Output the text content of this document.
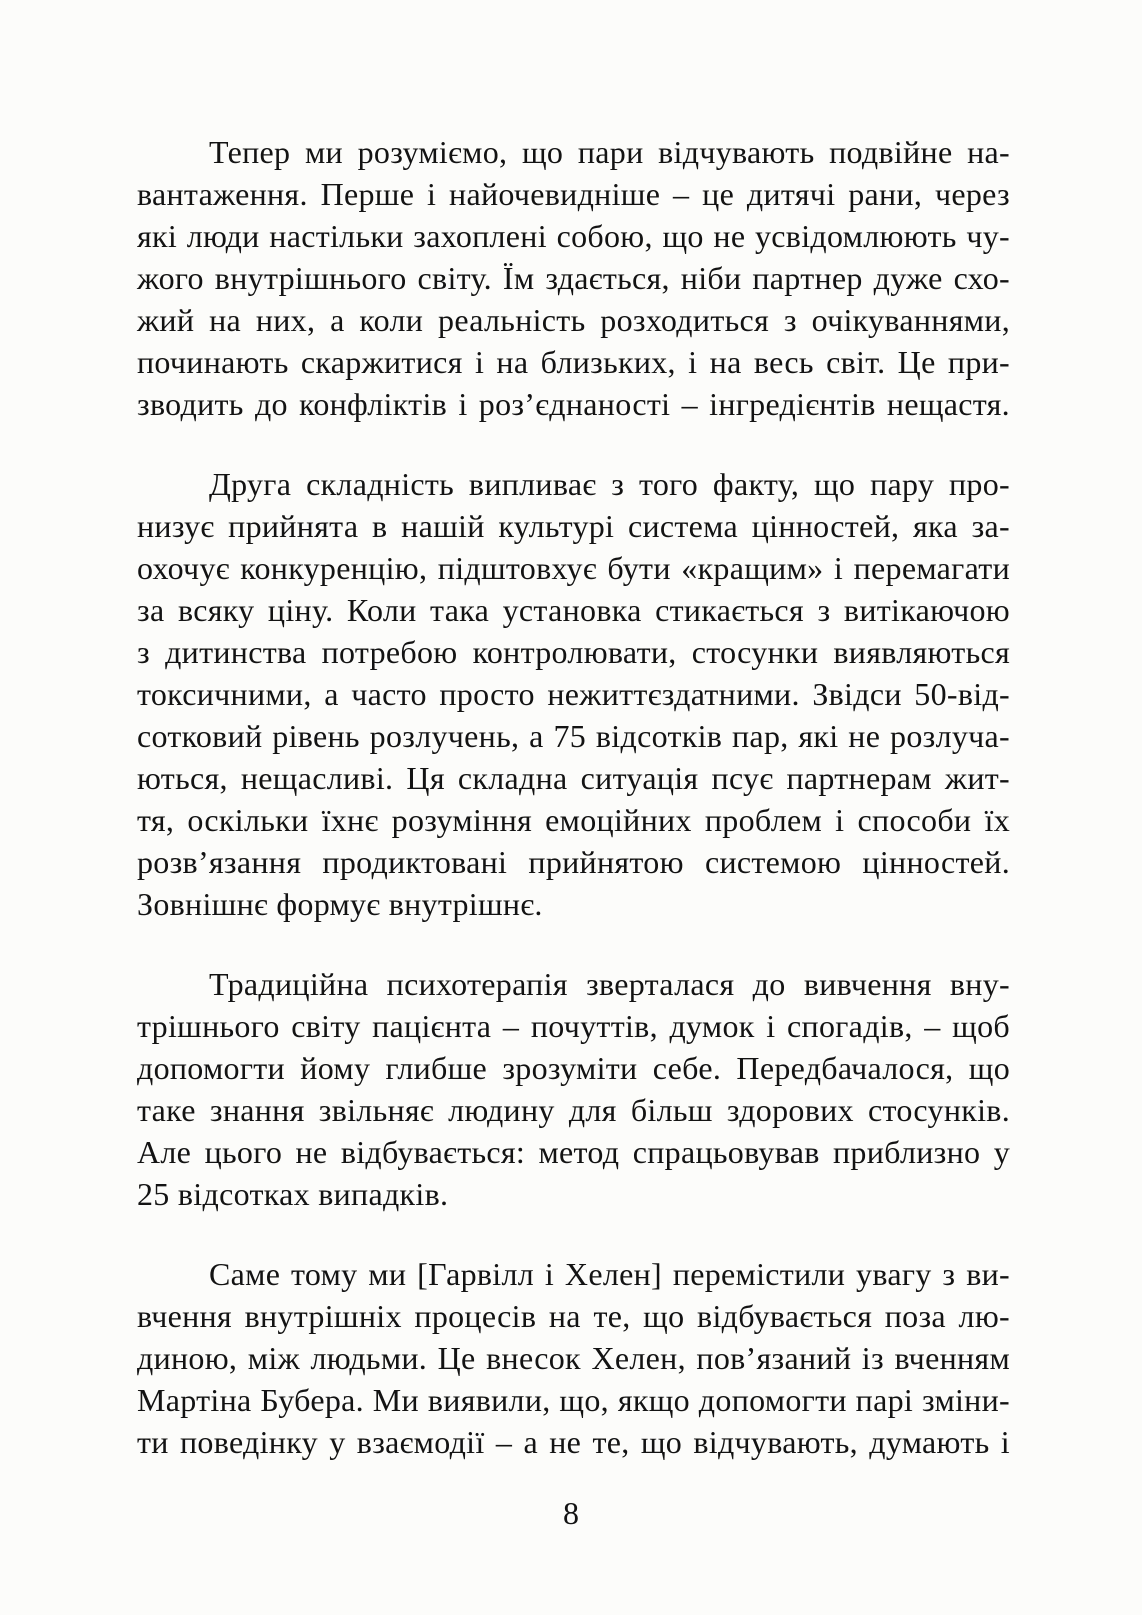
Тепер ми розуміємо, що пари відчувають подвійне на-
вантаження. Перше і найочевидніше – це дитячі рани, через
які люди настільки захоплені собою, що не усвідомлюють чу-
жого внутрішнього світу. Їм здається, ніби партнер дуже схо-
жий на них, а коли реальність розходиться з очікуваннями,
починають скаржитися і на близьких, і на весь світ. Це при-
зводить до конфліктів і роз’єднаності – інгредієнтів нещастя.

Друга складність випливає з того факту, що пару про-
низує прийнята в нашій культурі система цінностей, яка за-
охочує конкуренцію, підштовхує бути «кращим» і перемагати
за всяку ціну. Коли така установка стикається з витікаючою
з дитинства потребою контролювати, стосунки виявляються
токсичними, а часто просто нежиттєздатними. Звідси 50-від-
сотковий рівень розлучень, а 75 відсотків пар, які не розлуча-
ються, нещасливі. Ця складна ситуація псує партнерам жит-
тя, оскільки їхнє розуміння емоційних проблем і способи їх
розв’язання продиктовані прийнятою системою цінностей.
Зовнішнє формує внутрішнє.

Традиційна психотерапія зверталася до вивчення вну-
трішнього світу пацієнта – почуттів, думок і спогадів, – щоб
допомогти йому глибше зрозуміти себе. Передбачалося, що
таке знання звільняє людину для більш здорових стосунків.
Але цього не відбувається: метод спрацьовував приблизно у
25 відсотках випадків.

Саме тому ми [Гарвілл і Хелен] перемістили увагу з ви-
вчення внутрішніх процесів на те, що відбувається поза лю-
диною, між людьми. Це внесок Хелен, пов’язаний із вченням
Мартіна Бубера. Ми виявили, що, якщо допомогти парі зміни-
ти поведінку у взаємодії – а не те, що відчувають, думають і

8
